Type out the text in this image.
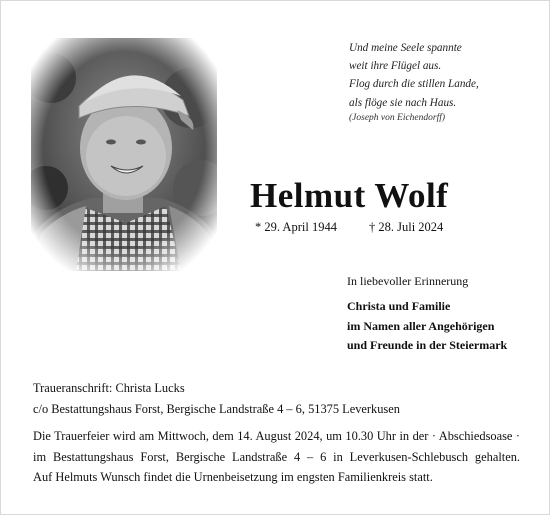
Und meine Seele spannte
weit ihre Flügel aus.
Flog durch die stillen Lande,
als flöge sie nach Haus.
(Joseph von Eichendorff)
Helmut Wolf
* 29. April 1944	† 28. Juli 2024
In liebevoller Erinnerung
Christa und Familie
im Namen aller Angehörigen
und Freunde in der Steiermark
Traueranschrift: Christa Lucks
c/o Bestattungshaus Forst, Bergische Landstraße 4 – 6, 51375 Leverkusen
Die Trauerfeier wird am Mittwoch, dem 14. August 2024, um 10.30 Uhr in der · Abschiedsoase ·
im Bestattungshaus Forst, Bergische Landstraße 4 – 6 in Leverkusen-Schlebusch gehalten.
Auf Helmuts Wunsch findet die Urnenbeisetzung im engsten Familienkreis statt.
